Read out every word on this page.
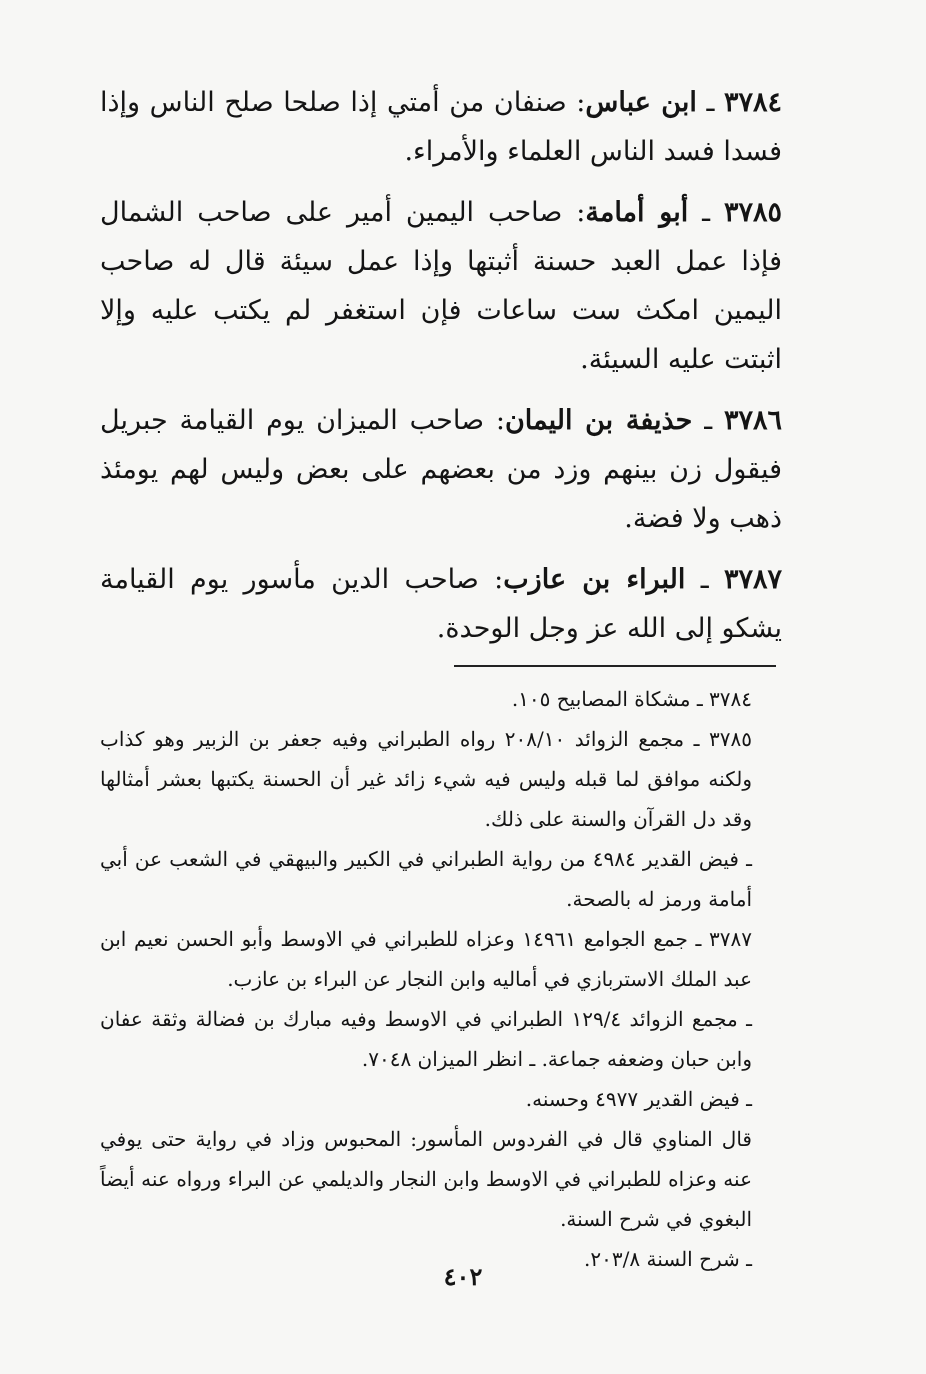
٣٧٨٤ ـ ابن عباس: صنفان من أمتي إذا صلحا صلح الناس وإذا فسدا فسد الناس العلماء والأمراء.

٣٧٨٥ ـ أبو أمامة: صاحب اليمين أمير على صاحب الشمال فإذا عمل العبد حسنة أثبتها وإذا عمل سيئة قال له صاحب اليمين امكث ست ساعات فإن استغفر لم يكتب عليه وإلا اثبتت عليه السيئة.

٣٧٨٦ ـ حذيفة بن اليمان: صاحب الميزان يوم القيامة جبريل فيقول زن بينهم وزد من بعضهم على بعض وليس لهم يومئذ ذهب ولا فضة.

٣٧٨٧ ـ البراء بن عازب: صاحب الدين مأسور يوم القيامة يشكو إلى الله عز وجل الوحدة.

٣٧٨٤ ـ مشكاة المصابيح ١٠٥.

٣٧٨٥ ـ مجمع الزوائد ٢٠٨/١٠ رواه الطبراني وفيه جعفر بن الزبير وهو كذاب ولكنه موافق لما قبله وليس فيه شيء زائد غير أن الحسنة يكتبها بعشر أمثالها وقد دل القرآن والسنة على ذلك.

ـ فيض القدير ٤٩٨٤ من رواية الطبراني في الكبير والبيهقي في الشعب عن أبي أمامة ورمز له بالصحة.

٣٧٨٧ ـ جمع الجوامع ١٤٩٦١ وعزاه للطبراني في الاوسط وأبو الحسن نعيم ابن عبد الملك الاستربازي في أماليه وابن النجار عن البراء بن عازب.

ـ مجمع الزوائد ١٢٩/٤ الطبراني في الاوسط وفيه مبارك بن فضالة وثقة عفان وابن حبان وضعفه جماعة. ـ انظر الميزان ٧٠٤٨.

ـ فيض القدير ٤٩٧٧ وحسنه.

قال المناوي قال في الفردوس المأسور: المحبوس وزاد في رواية حتى يوفي عنه وعزاه للطبراني في الاوسط وابن النجار والديلمي عن البراء ورواه عنه أيضاً البغوي في شرح السنة.

ـ شرح السنة ٢٠٣/٨.

٤٠٢
